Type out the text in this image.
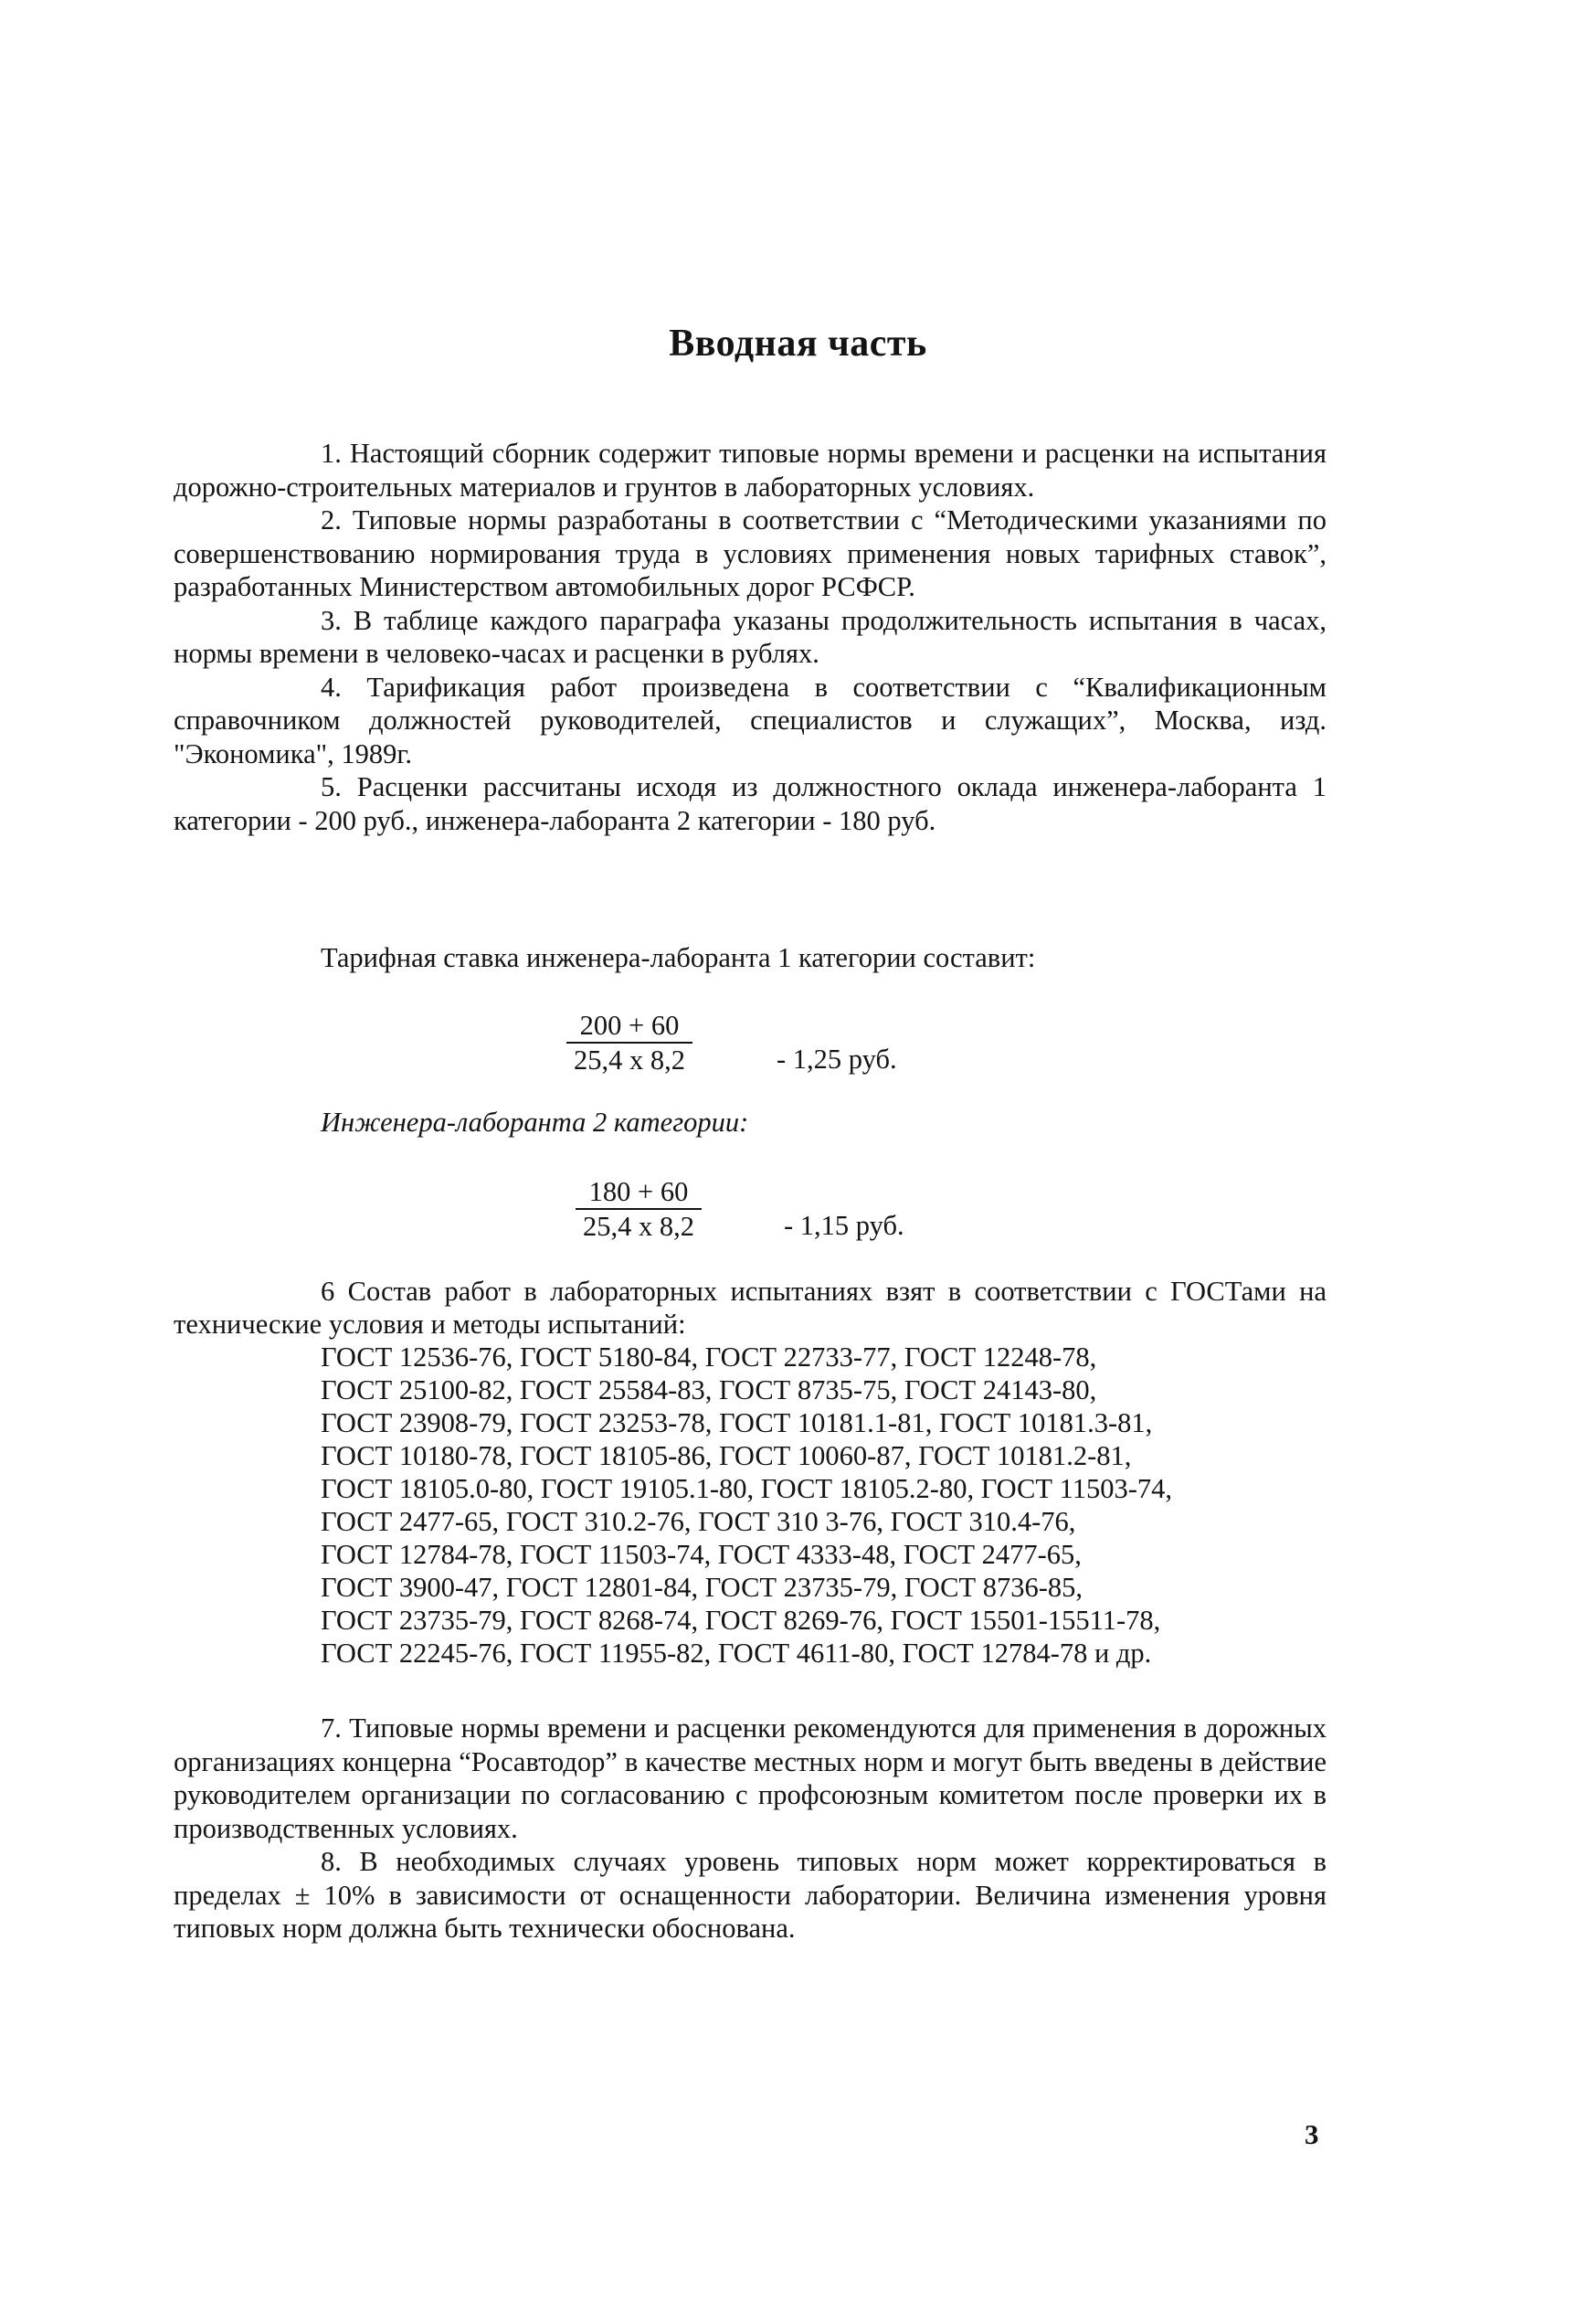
Вводная часть

1. Настоящий сборник содержит типовые нормы времени и расценки на испытания дорожно-строительных материалов и грунтов в лабораторных условиях.

2. Типовые нормы разработаны в соответствии с “Методическими указаниями по совершенствованию нормирования труда в условиях применения новых тарифных ставок”, разработанных Министерством автомобильных дорог РСФСР.

3. В таблице каждого параграфа указаны продолжительность испытания в часах, нормы времени в человеко-часах и расценки в рублях.

4. Тарификация работ произведена в соответствии с “Квалификационным справочником должностей руководителей, специалистов и служащих”, Москва, изд. "Экономика", 1989г.

5. Расценки рассчитаны исходя из должностного оклада инженера-лаборанта 1 категории - 200 руб., инженера-лаборанта 2 категории - 180 руб.

Тарифная ставка инженера-лаборанта 1 категории составит:

$\frac{200 + 60}{25,4 х 8,2}$	- 1,25 руб.

Инженера-лаборанта 2 категории:

$\frac{180 + 60}{25,4 х 8,2}$	- 1,15 руб.

6 Состав работ в лабораторных испытаниях взят в соответствии с ГОСТами на технические условия и методы испытаний:

ГОСТ 12536-76, ГОСТ 5180-84, ГОСТ 22733-77, ГОСТ 12248-78,
ГОСТ 25100-82, ГОСТ 25584-83, ГОСТ 8735-75, ГОСТ 24143-80,
ГОСТ 23908-79, ГОСТ 23253-78, ГОСТ 10181.1-81, ГОСТ 10181.3-81,
ГОСТ 10180-78, ГОСТ 18105-86, ГОСТ 10060-87, ГОСТ 10181.2-81,
ГОСТ 18105.0-80, ГОСТ 19105.1-80, ГОСТ 18105.2-80, ГОСТ 11503-74,
ГОСТ 2477-65, ГОСТ 310.2-76, ГОСТ 310 3-76, ГОСТ 310.4-76,
ГОСТ 12784-78, ГОСТ 11503-74, ГОСТ 4333-48, ГОСТ 2477-65,
ГОСТ 3900-47, ГОСТ 12801-84, ГОСТ 23735-79, ГОСТ 8736-85,
ГОСТ 23735-79, ГОСТ 8268-74, ГОСТ 8269-76, ГОСТ 15501-15511-78,
ГОСТ 22245-76, ГОСТ 11955-82, ГОСТ 4611-80, ГОСТ 12784-78 и др.

7. Типовые нормы времени и расценки рекомендуются для применения в дорожных организациях концерна “Росавтодор” в качестве местных норм и могут быть введены в действие руководителем организации по согласованию с профсоюзным комитетом после проверки их в производственных условиях.

8. В необходимых случаях уровень типовых норм может корректироваться в пределах ± 10% в зависимости от оснащенности лаборатории. Величина изменения уровня типовых норм должна быть технически обоснована.

3
